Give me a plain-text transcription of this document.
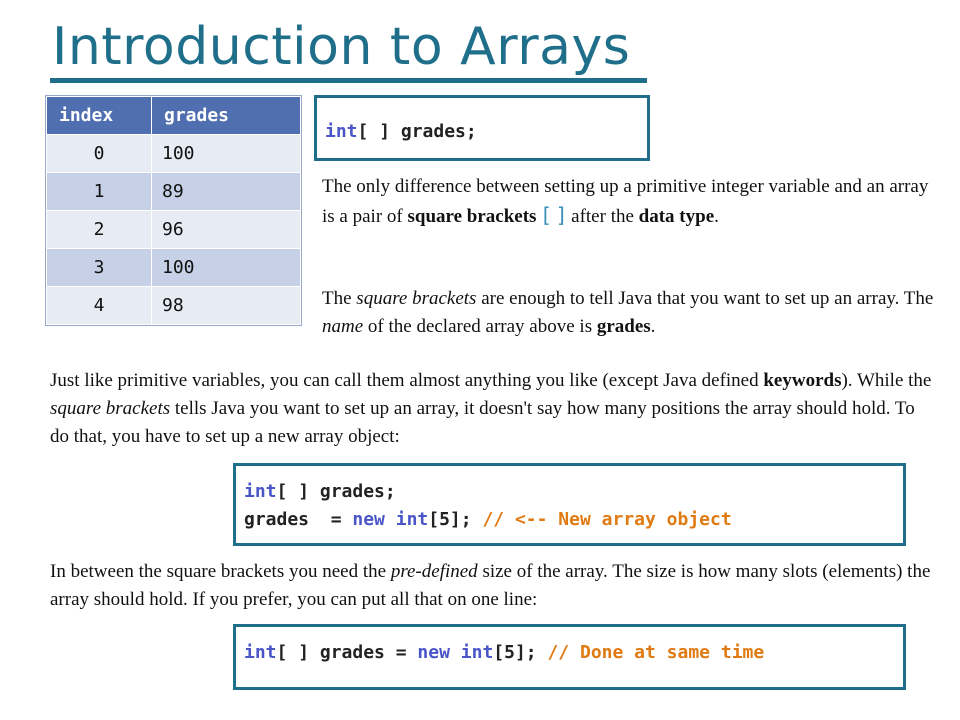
Introduction to Arrays
index	grades
0	100
1	89
2	96
3	100
4	98
int[ ] grades;

The only difference between setting up a primitive integer variable and an array is a pair of square brackets [ ] after the data type.

The square brackets are enough to tell Java that you want to set up an array. The name of the declared array above is grades.

Just like primitive variables, you can call them almost anything you like (except Java defined keywords). While the square brackets tells Java you want to set up an array, it doesn't say how many positions the array should hold. To do that, you have to set up a new array object:

int[ ] grades;
grades  = new int[5]; // <-- New array object

In between the square brackets you need the pre-defined size of the array. The size is how many slots (elements) the array should hold. If you prefer, you can put all that on one line:

int[ ] grades = new int[5]; // Done at same time
